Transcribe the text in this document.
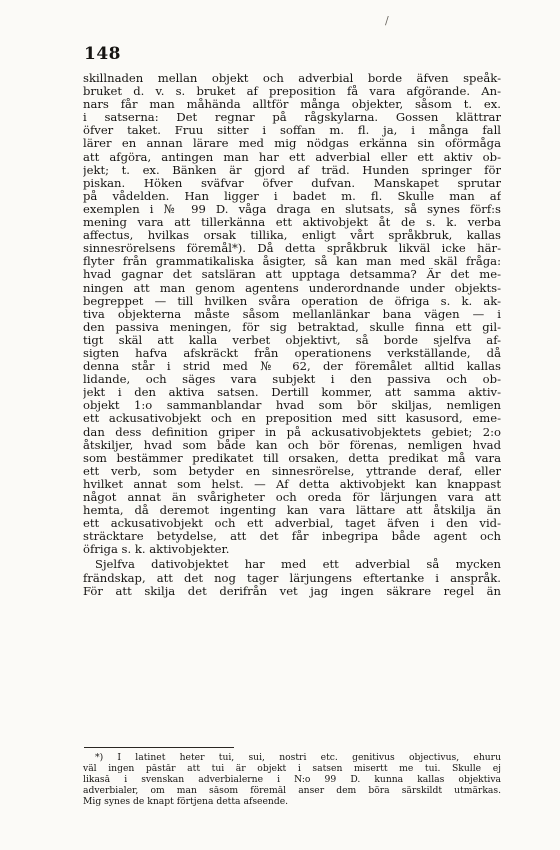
/
148
skillnaden mellan objekt och adverbial borde äfven speåk-
bruket d. v. s. bruket af preposition få vara afgörande. An-
nars får man måhända alltför många objekter, såsom t. ex.
i satserna: Det regnar på rågskylarna. Gossen klättrar
öfver taket. Fruu sitter i soffan m. fl. ja, i många fall
lärer en annan lärare med mig nödgas erkänna sin oförmåga
att afgöra, antingen man har ett adverbial eller ett aktiv ob-
jekt; t. ex. Bänken är gjord af träd. Hunden springer för
piskan. Höken sväfvar öfver dufvan. Manskapet sprutar
på vådelden. Han ligger i badet m. fl. Skulle man af
exemplen i № 99 D. våga draga en slutsats, så synes förf:s
mening vara att tillerkänna ett aktivobjekt åt de s. k. verba
affectus, hvilkas orsak tillika, enligt vårt språkbruk, kallas
sinnesrörelsens föremål*). Då detta språkbruk likväl icke här-
flyter från grammatikaliska åsigter, så kan man med skäl fråga:
hvad gagnar det satsläran att upptaga detsamma? Är det me-
ningen att man genom agentens underordnande under objekts-
begreppet — till hvilken svåra operation de öfriga s. k. ak-
tiva objekterna måste såsom mellanlänkar bana vägen — i
den passiva meningen, för sig betraktad, skulle finna ett gil-
tigt skäl att kalla verbet objektivt, så borde sjelfva af-
sigten hafva afskräckt från operationens verkställande, då
denna står i strid med № 62, der föremålet alltid kallas
lidande, och säges vara subjekt i den passiva och ob-
jekt i den aktiva satsen. Dertill kommer, att samma aktiv-
objekt 1:o sammanblandar hvad som bör skiljas, nemligen
ett ackusativobjekt och en preposition med sitt kasusord, eme-
dan dess definition griper in på ackusativobjektets gebiet; 2:o
åtskiljer, hvad som både kan och bör förenas, nemligen hvad
som bestämmer predikatet till orsaken, detta predikat må vara
ett verb, som betyder en sinnesrörelse, yttrande deraf, eller
hvilket annat som helst. — Af detta aktivobjekt kan knappast
något annat än svårigheter och oreda för lärjungen vara att
hemta, då deremot ingenting kan vara lättare att åtskilja än
ett ackusativobjekt och ett adverbial, taget äfven i den vid-
sträcktare betydelse, att det får inbegripa både agent och
öfriga s. k. aktivobjekter.
Sjelfva dativobjektet har med ett adverbial så mycken
frändskap, att det nog tager lärjungens eftertanke i anspråk.
För att skilja det derifrån vet jag ingen säkrare regel än
*) I latinet heter tui, sui, nostri etc. genitivus objectivus, ehuru
väl ingen påstår att tui är objekt i satsen misertt me tui. Skulle ej
likaså i svenskan adverbialerne i N:o 99 D. kunna kallas objektiva
adverbialer, om man såsom föremål anser dem böra särskildt utmärkas.
Mig synes de knapt förtjena detta afseende.
